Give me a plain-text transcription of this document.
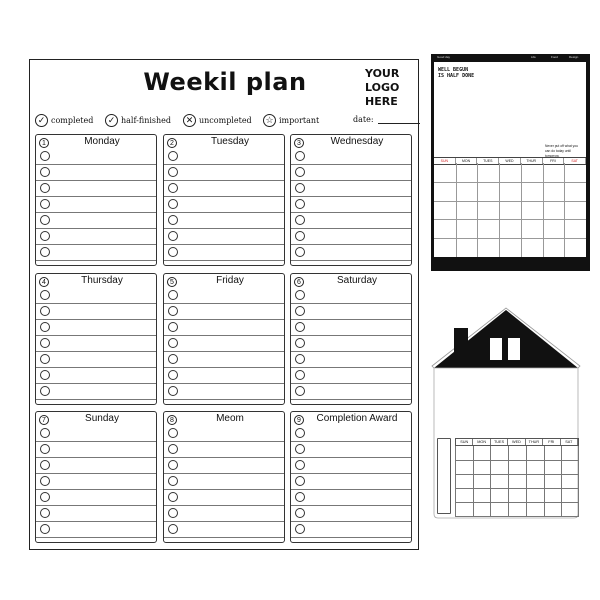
Weekil plan	YOUR
LOGO
HERE
✓ completed	✓ half-finished	✕ uncompleted ☆ important	date:
1	Monday	2	Tuesday	3	Wednesday
4	Thursday	5	Friday	6	Saturday
7	Sunday	8	Meom	9	Completion Award
Good day	Life	Food	Design
WELL BEGUN
IS HALF DONE
Never put off what you can do today until tomorrow.
SUN	MON	TUES	WED	THUR	FRI	SAT
SUN	MON	TUES	WED	THUR	FRI	SAT
